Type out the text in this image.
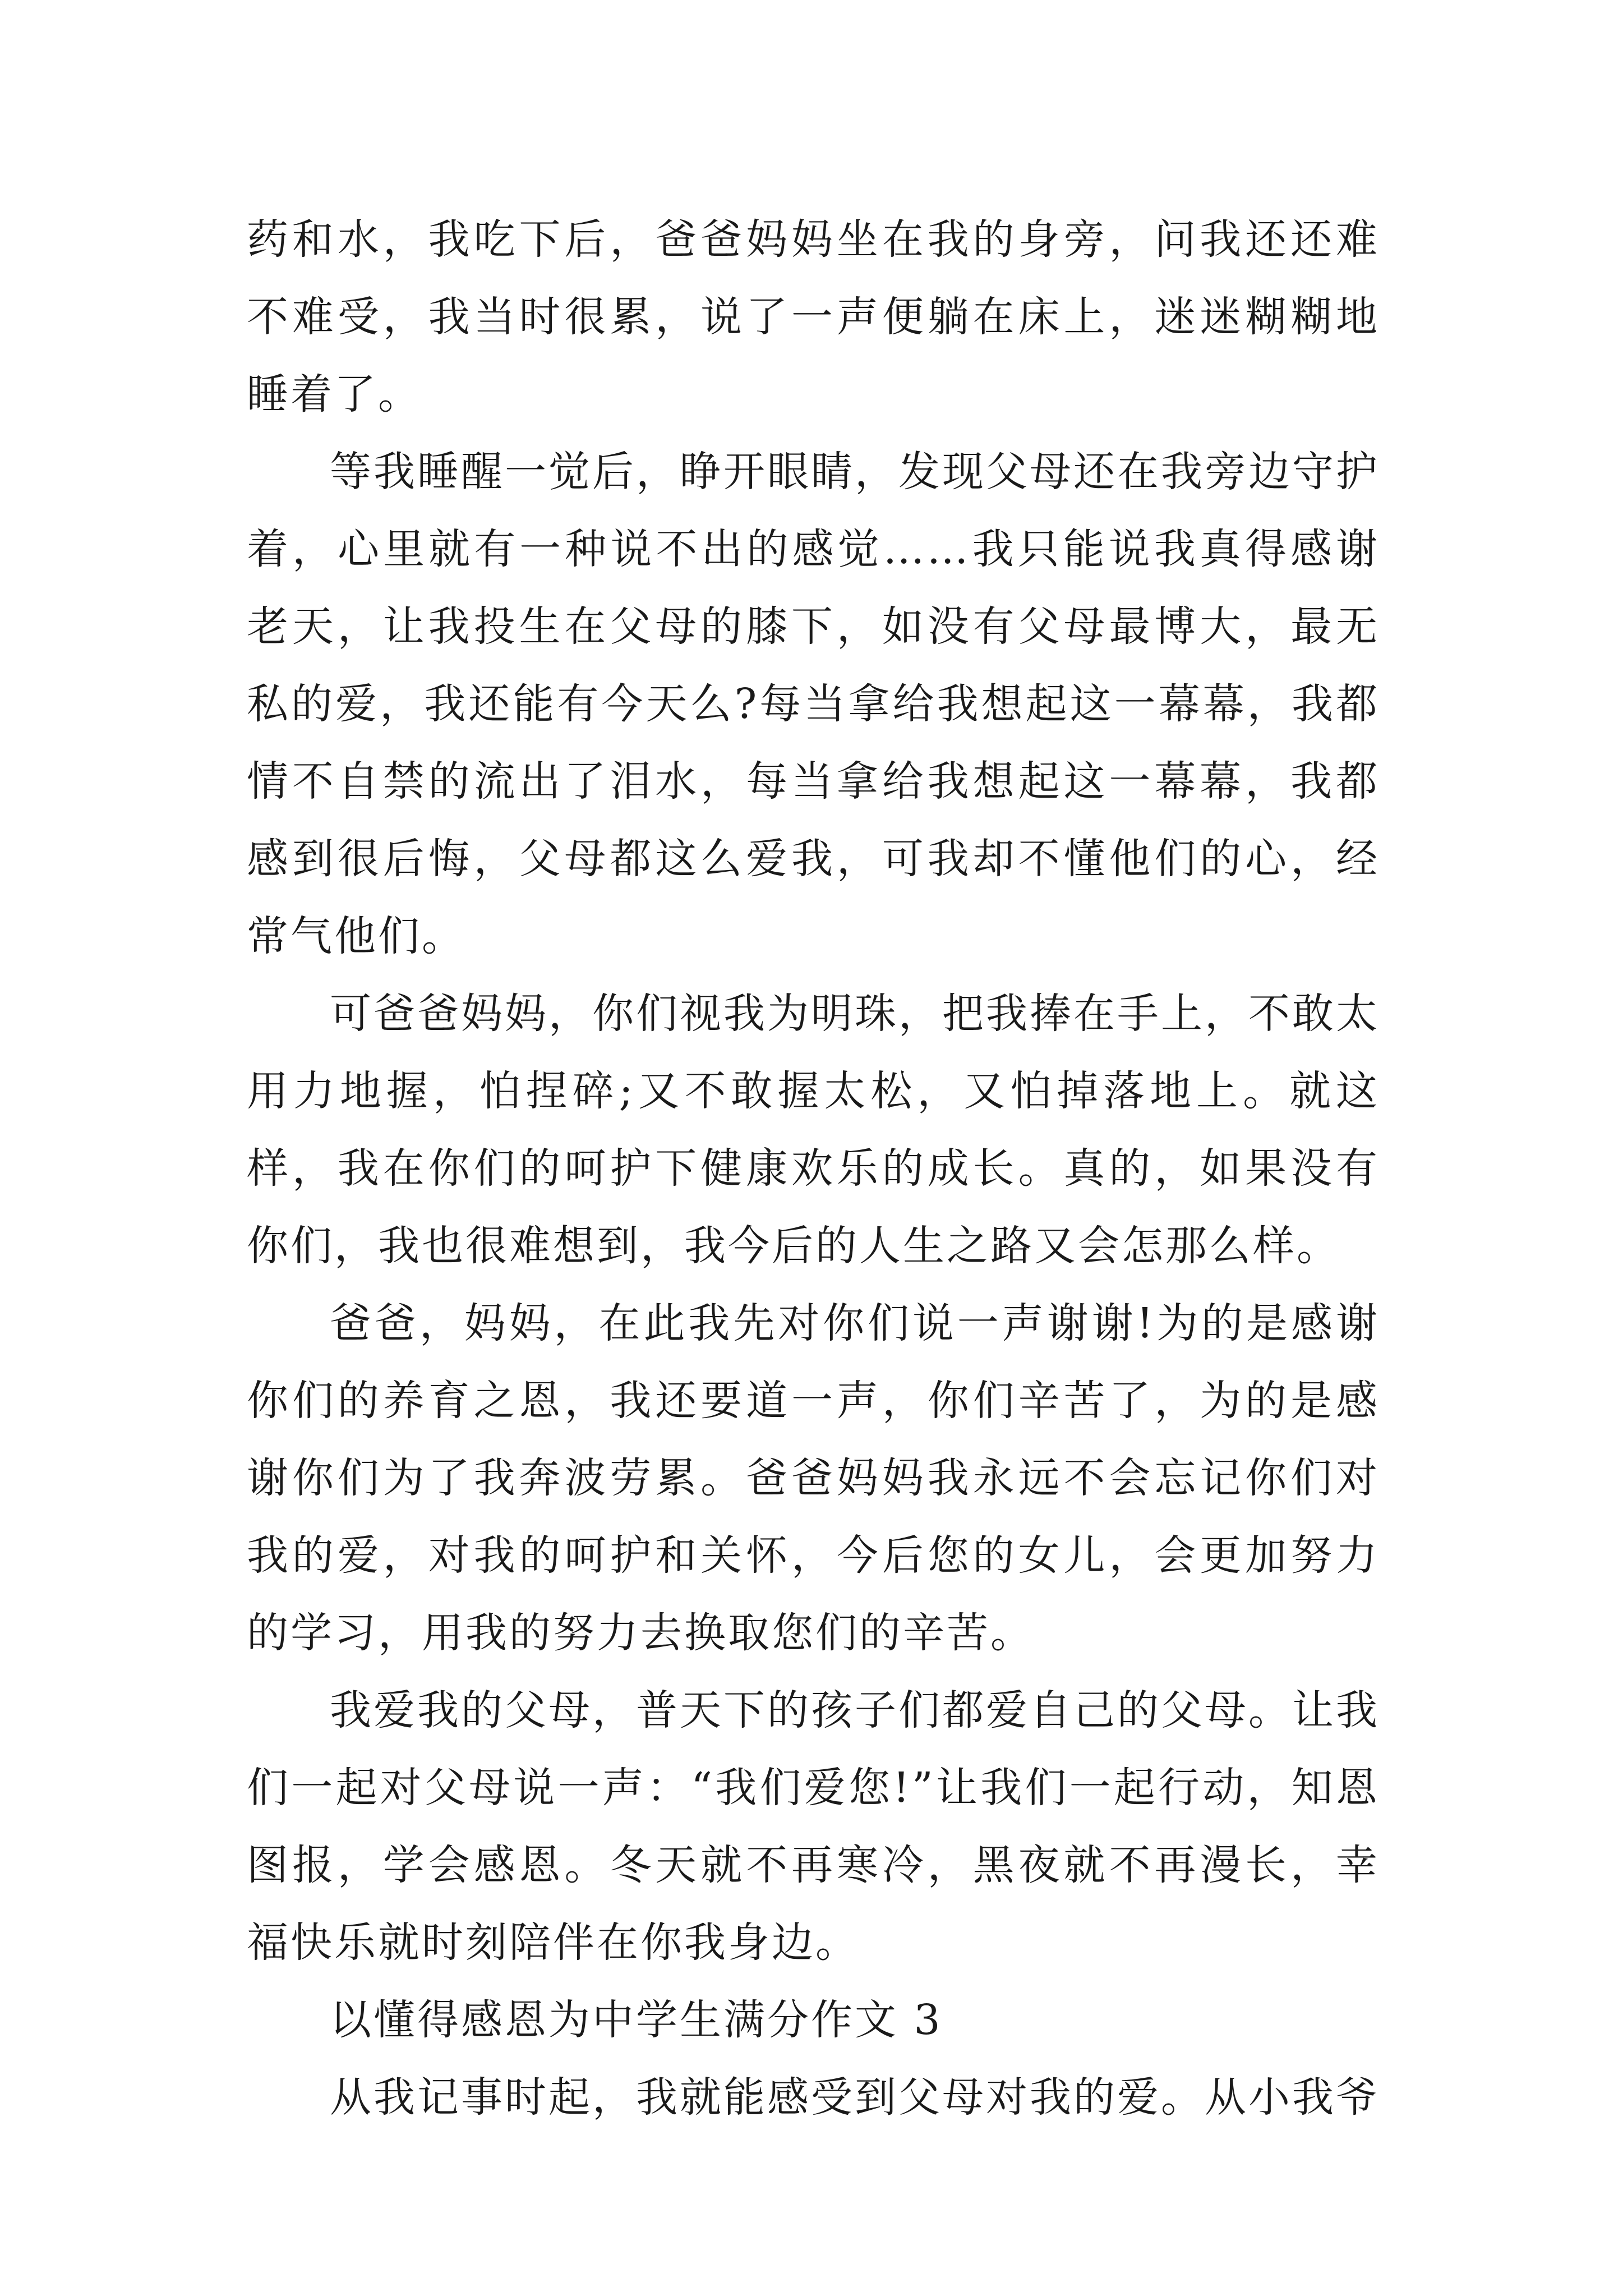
药和水，我吃下后，爸爸妈妈坐在我的身旁，问我还还难不难受，我当时很累，说了一声便躺在床上，迷迷糊糊地睡着了。

等我睡醒一觉后，睁开眼睛，发现父母还在我旁边守护着，心里就有一种说不出的感觉……我只能说我真得感谢老天，让我投生在父母的膝下，如没有父母最博大，最无私的爱，我还能有今天么?每当拿给我想起这一幕幕，我都情不自禁的流出了泪水，每当拿给我想起这一幕幕，我都感到很后悔，父母都这么爱我，可我却不懂他们的心，经常气他们。

可爸爸妈妈，你们视我为明珠，把我捧在手上，不敢太用力地握，怕捏碎;又不敢握太松，又怕掉落地上。就这样，我在你们的呵护下健康欢乐的成长。真的，如果没有你们，我也很难想到，我今后的人生之路又会怎那么样。

爸爸，妈妈，在此我先对你们说一声谢谢!为的是感谢你们的养育之恩，我还要道一声，你们辛苦了，为的是感谢你们为了我奔波劳累。爸爸妈妈我永远不会忘记你们对我的爱，对我的呵护和关怀，今后您的女儿，会更加努力的学习，用我的努力去换取您们的辛苦。

我爱我的父母，普天下的孩子们都爱自己的父母。让我们一起对父母说一声：“我们爱您!”让我们一起行动，知恩图报，学会感恩。冬天就不再寒冷，黑夜就不再漫长，幸福快乐就时刻陪伴在你我身边。

以懂得感恩为中学生满分作文 3

从我记事时起，我就能感受到父母对我的爱。从小我爷
